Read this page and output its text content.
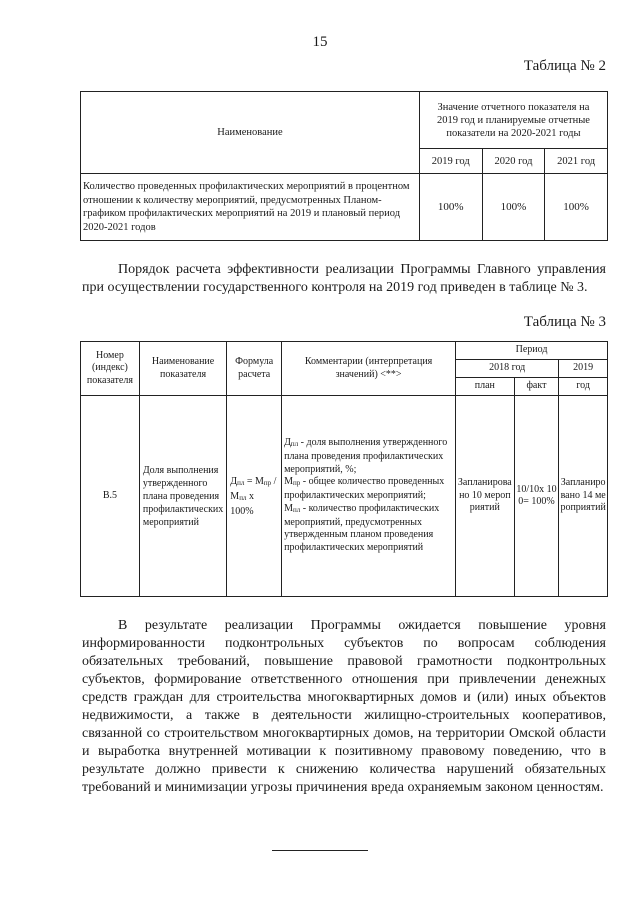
15
Таблица № 2
Наименование	Значение отчетного показателя на 2019 год и планируемые отчетные показатели на 2020-2021 годы		
	2019 год	2020 год	2021 год
Количество проведенных профилактических мероприятий в процентном отношении к количеству мероприятий, предусмотренных Планом-графиком профилактических мероприятий на 2019 и плановый период 2020-2021 годов	100%	100%	100%
Порядок расчета эффективности реализации Программы Главного управления при осуществлении государственного контроля на 2019 год приведен в таблице № 3.
Таблица № 3
Номер (индекс) показателя	Наименование показателя	Формула расчета	Комментарии (интерпретация значений) <**>	Период		
				2018 год		2019
				план	факт	год
В.5	Доля выполнения утвержденного плана проведения профилактических мероприятий	$Д_{пл} = М_{пр} / М_{пл}$ х 100%	$Д_{пл}$ - доля выполнения утвержденного плана проведения профилактических мероприятий, %;
$М_{пр}$ - общее количество проведенных профилактических мероприятий;
$М_{пл}$ - количество профилактических мероприятий, предусмотренных утвержденным планом проведения профилактических мероприятий	Запланировано 10 мероприятий	10/10х 100= 100%	Запланировано 14 мероприятий
В результате реализации Программы ожидается повышение уровня информированности подконтрольных субъектов по вопросам соблюдения обязательных требований, повышение правовой грамотности подконтрольных субъектов, формирование ответственного отношения при привлечении денежных средств граждан для строительства многоквартирных домов и (или) иных объектов недвижимости, а также в деятельности жилищно-строительных кооперативов, связанной со строительством многоквартирных домов, на территории Омской области и выработка внутренней мотивации к позитивному правовому поведению, что в результате должно привести к снижению количества нарушений обязательных требований и минимизации угрозы причинения вреда охраняемым законом ценностям.
